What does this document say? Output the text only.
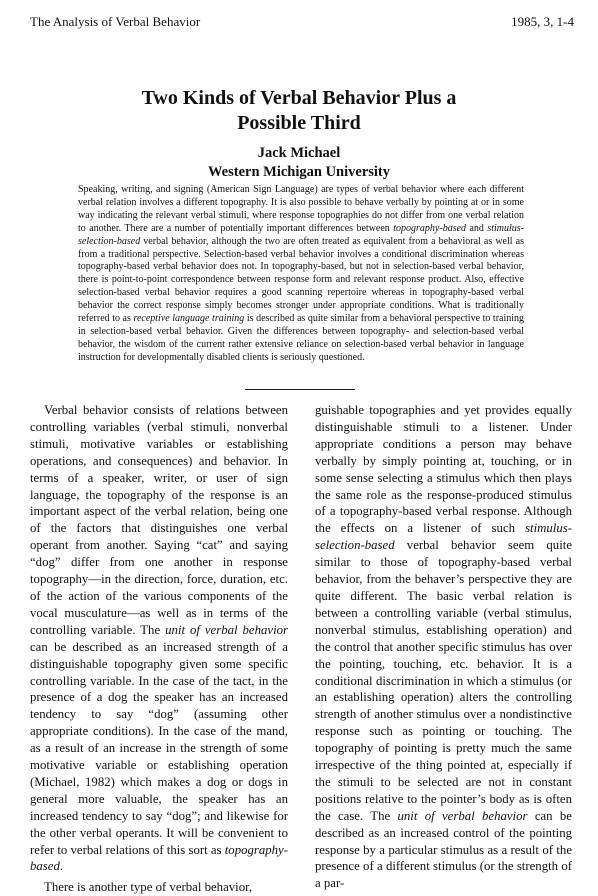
The Analysis of Verbal Behavior	1985, 3, 1-4
Two Kinds of Verbal Behavior Plus a
Possible Third
Jack Michael
Western Michigan University

Speaking, writing, and signing (American Sign Language) are types of verbal behavior where each different verbal relation involves a different topography. It is also possible to behave verbally by pointing at or in some way indicating the relevant verbal stimuli, where response topographies do not differ from one verbal relation to another. There are a number of potentially important differences between topography-based and stimulus-selection-based verbal behavior, although the two are often treated as equivalent from a behavioral as well as from a traditional perspective. Selection-based verbal behavior involves a conditional discrimination whereas topography-based verbal behavior does not. In topography-based, but not in selection-based verbal behavior, there is point-to-point correspondence between response form and relevant response product. Also, effective selection-based verbal behavior requires a good scanning repertoire whereas in topography-based verbal behavior the correct response simply becomes stronger under appropriate conditions. What is traditionally referred to as receptive language training is described as quite similar from a behavioral perspective to training in selection-based verbal behavior. Given the differences between topography- and selection-based verbal behavior, the wisdom of the current rather extensive reliance on selection-based verbal behavior in language instruction for developmentally disabled clients is seriously questioned.

Verbal behavior consists of relations between controlling variables (verbal stimuli, nonverbal stimuli, motivative variables or establishing operations, and consequences) and behavior. In terms of a speaker, writer, or user of sign language, the topography of the response is an important aspect of the verbal relation, being one of the factors that distinguishes one verbal operant from another. Saying “cat” and saying “dog” differ from one another in response topography—in the direction, force, duration, etc. of the action of the various components of the vocal musculature—as well as in terms of the controlling variable. The unit of verbal behavior can be described as an increased strength of a distinguishable topography given some specific controlling variable. In the case of the tact, in the presence of a dog the speaker has an increased tendency to say “dog” (assuming other appropriate conditions). In the case of the mand, as a result of an increase in the strength of some motivative variable or establishing operation (Michael, 1982) which makes a dog or dogs in general more valuable, the speaker has an increased tendency to say “dog”; and likewise for the other verbal operants. It will be convenient to refer to verbal relations of this sort as topography-based.

There is another type of verbal behavior,

guishable topographies and yet provides equally distinguishable stimuli to a listener. Under appropriate conditions a person may behave verbally by simply pointing at, touching, or in some sense selecting a stimulus which then plays the same role as the response-produced stimulus of a topography-based verbal response. Although the effects on a listener of such stimulus-selection-based verbal behavior seem quite similar to those of topography-based verbal behavior, from the behaver’s perspective they are quite different. The basic verbal relation is between a controlling variable (verbal stimulus, nonverbal stimulus, establishing operation) and the control that another specific stimulus has over the pointing, touching, etc. behavior. It is a conditional discrimination in which a stimulus (or an establishing operation) alters the controlling strength of another stimulus over a nondistinctive response such as pointing or touching. The topography of pointing is pretty much the same irrespective of the thing pointed at, especially if the stimuli to be selected are not in constant positions relative to the pointer’s body as is often the case. The unit of verbal behavior can be described as an increased control of the pointing response by a particular stimulus as a result of the presence of a different stimulus (or the strength of a par-
